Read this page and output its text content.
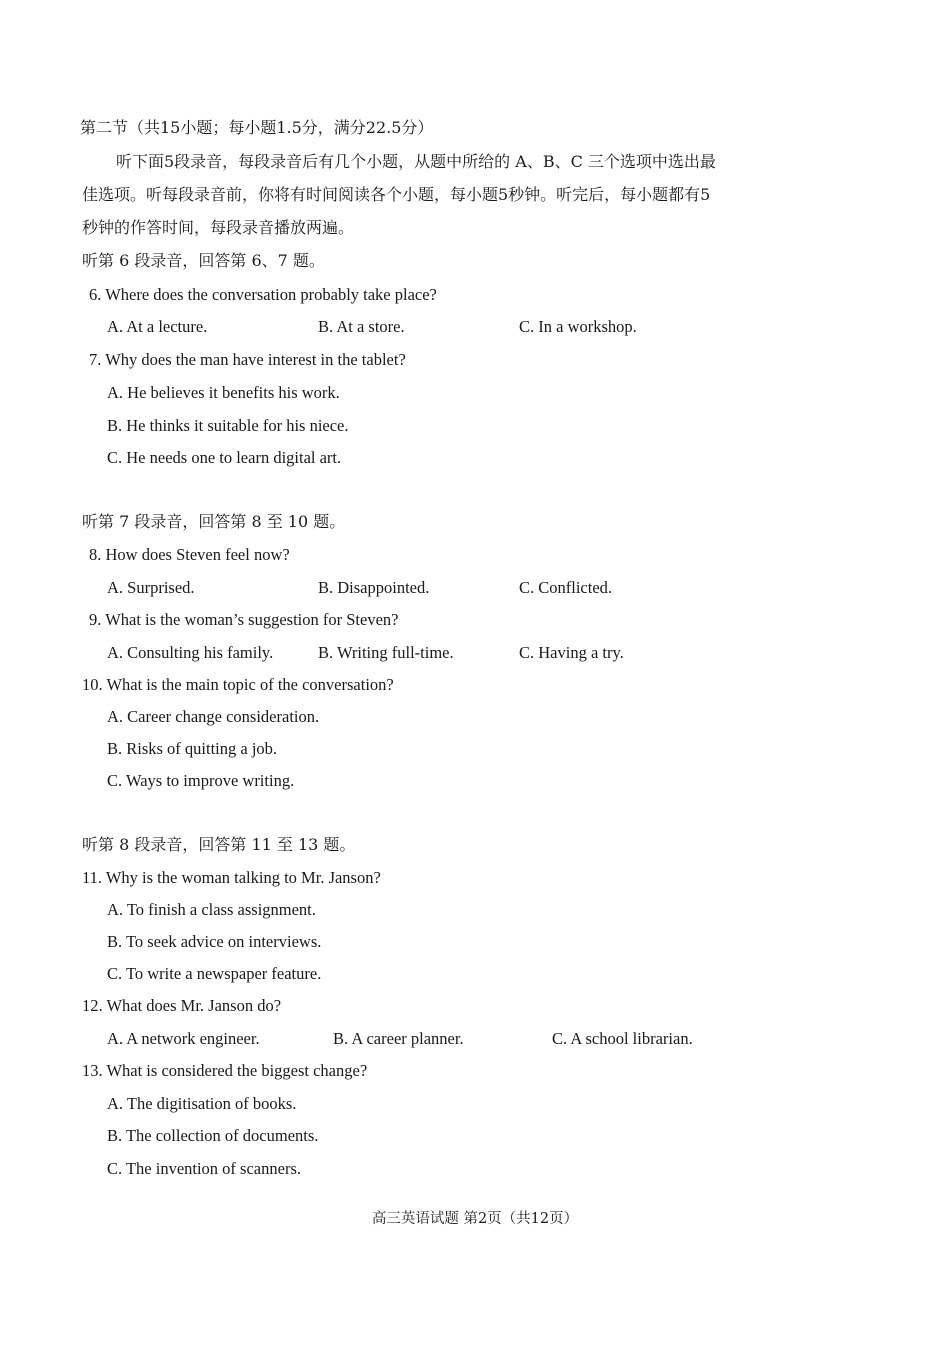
第二节（共15小题；每小题1.5分，满分22.5分）
听下面5段录音，每段录音后有几个小题，从题中所给的 A、B、C 三个选项中选出最
佳选项。听每段录音前，你将有时间阅读各个小题，每小题5秒钟。听完后，每小题都有5
秒钟的作答时间，每段录音播放两遍。
听第 6 段录音，回答第 6、7 题。
6. Where does the conversation probably take place?
A. At a lecture.	B. At a store.	C. In a workshop.
7. Why does the man have interest in the tablet?
A. He believes it benefits his work.
B. He thinks it suitable for his niece.
C. He needs one to learn digital art.
听第 7 段录音，回答第 8 至 10 题。
8. How does Steven feel now?
A. Surprised.	B. Disappointed.	C. Conflicted.
9. What is the woman’s suggestion for Steven?
A. Consulting his family.	B. Writing full-time.	C. Having a try.
10. What is the main topic of the conversation?
A. Career change consideration.
B. Risks of quitting a job.
C. Ways to improve writing.
听第 8 段录音，回答第 11 至 13 题。
11. Why is the woman talking to Mr. Janson?
A. To finish a class assignment.
B. To seek advice on interviews.
C. To write a newspaper feature.
12. What does Mr. Janson do?
A. A network engineer.	B. A career planner.	C. A school librarian.
13. What is considered the biggest change?
A. The digitisation of books.
B. The collection of documents.
C. The invention of scanners.
高三英语试题 第2页（共12页）
